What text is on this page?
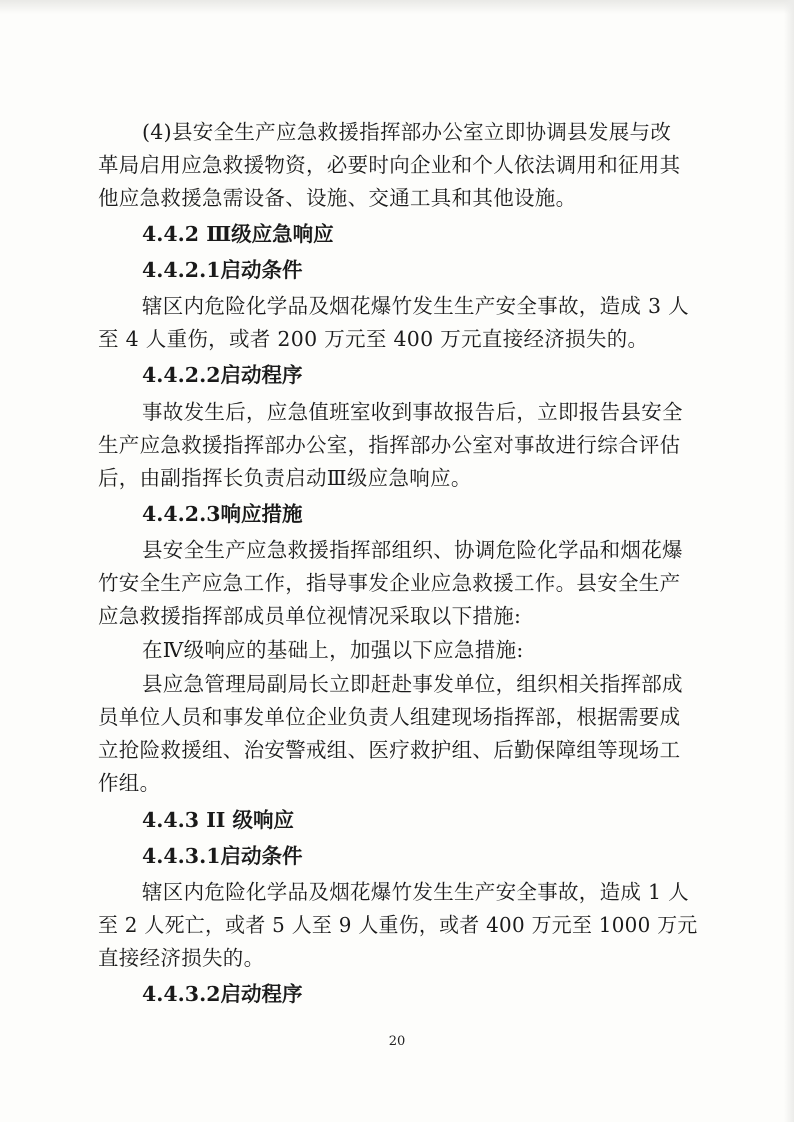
(4)县安全生产应急救援指挥部办公室立即协调县发展与改
革局启用应急救援物资，必要时向企业和个人依法调用和征用其
他应急救援急需设备、设施、交通工具和其他设施。
4.4.2 Ⅲ级应急响应
4.4.2.1启动条件
辖区内危险化学品及烟花爆竹发生生产安全事故，造成 3 人
至 4 人重伤，或者 200 万元至 400 万元直接经济损失的。
4.4.2.2启动程序
事故发生后，应急值班室收到事故报告后，立即报告县安全
生产应急救援指挥部办公室，指挥部办公室对事故进行综合评估
后，由副指挥长负责启动Ⅲ级应急响应。
4.4.2.3响应措施
县安全生产应急救援指挥部组织、协调危险化学品和烟花爆
竹安全生产应急工作，指导事发企业应急救援工作。县安全生产
应急救援指挥部成员单位视情况采取以下措施:
在Ⅳ级响应的基础上，加强以下应急措施:
县应急管理局副局长立即赶赴事发单位，组织相关指挥部成
员单位人员和事发单位企业负责人组建现场指挥部，根据需要成
立抢险救援组、治安警戒组、医疗救护组、后勤保障组等现场工
作组。
4.4.3 II 级响应
4.4.3.1启动条件
辖区内危险化学品及烟花爆竹发生生产安全事故，造成 1 人
至 2 人死亡，或者 5 人至 9 人重伤，或者 400 万元至 1000 万元
直接经济损失的。
4.4.3.2启动程序
20
